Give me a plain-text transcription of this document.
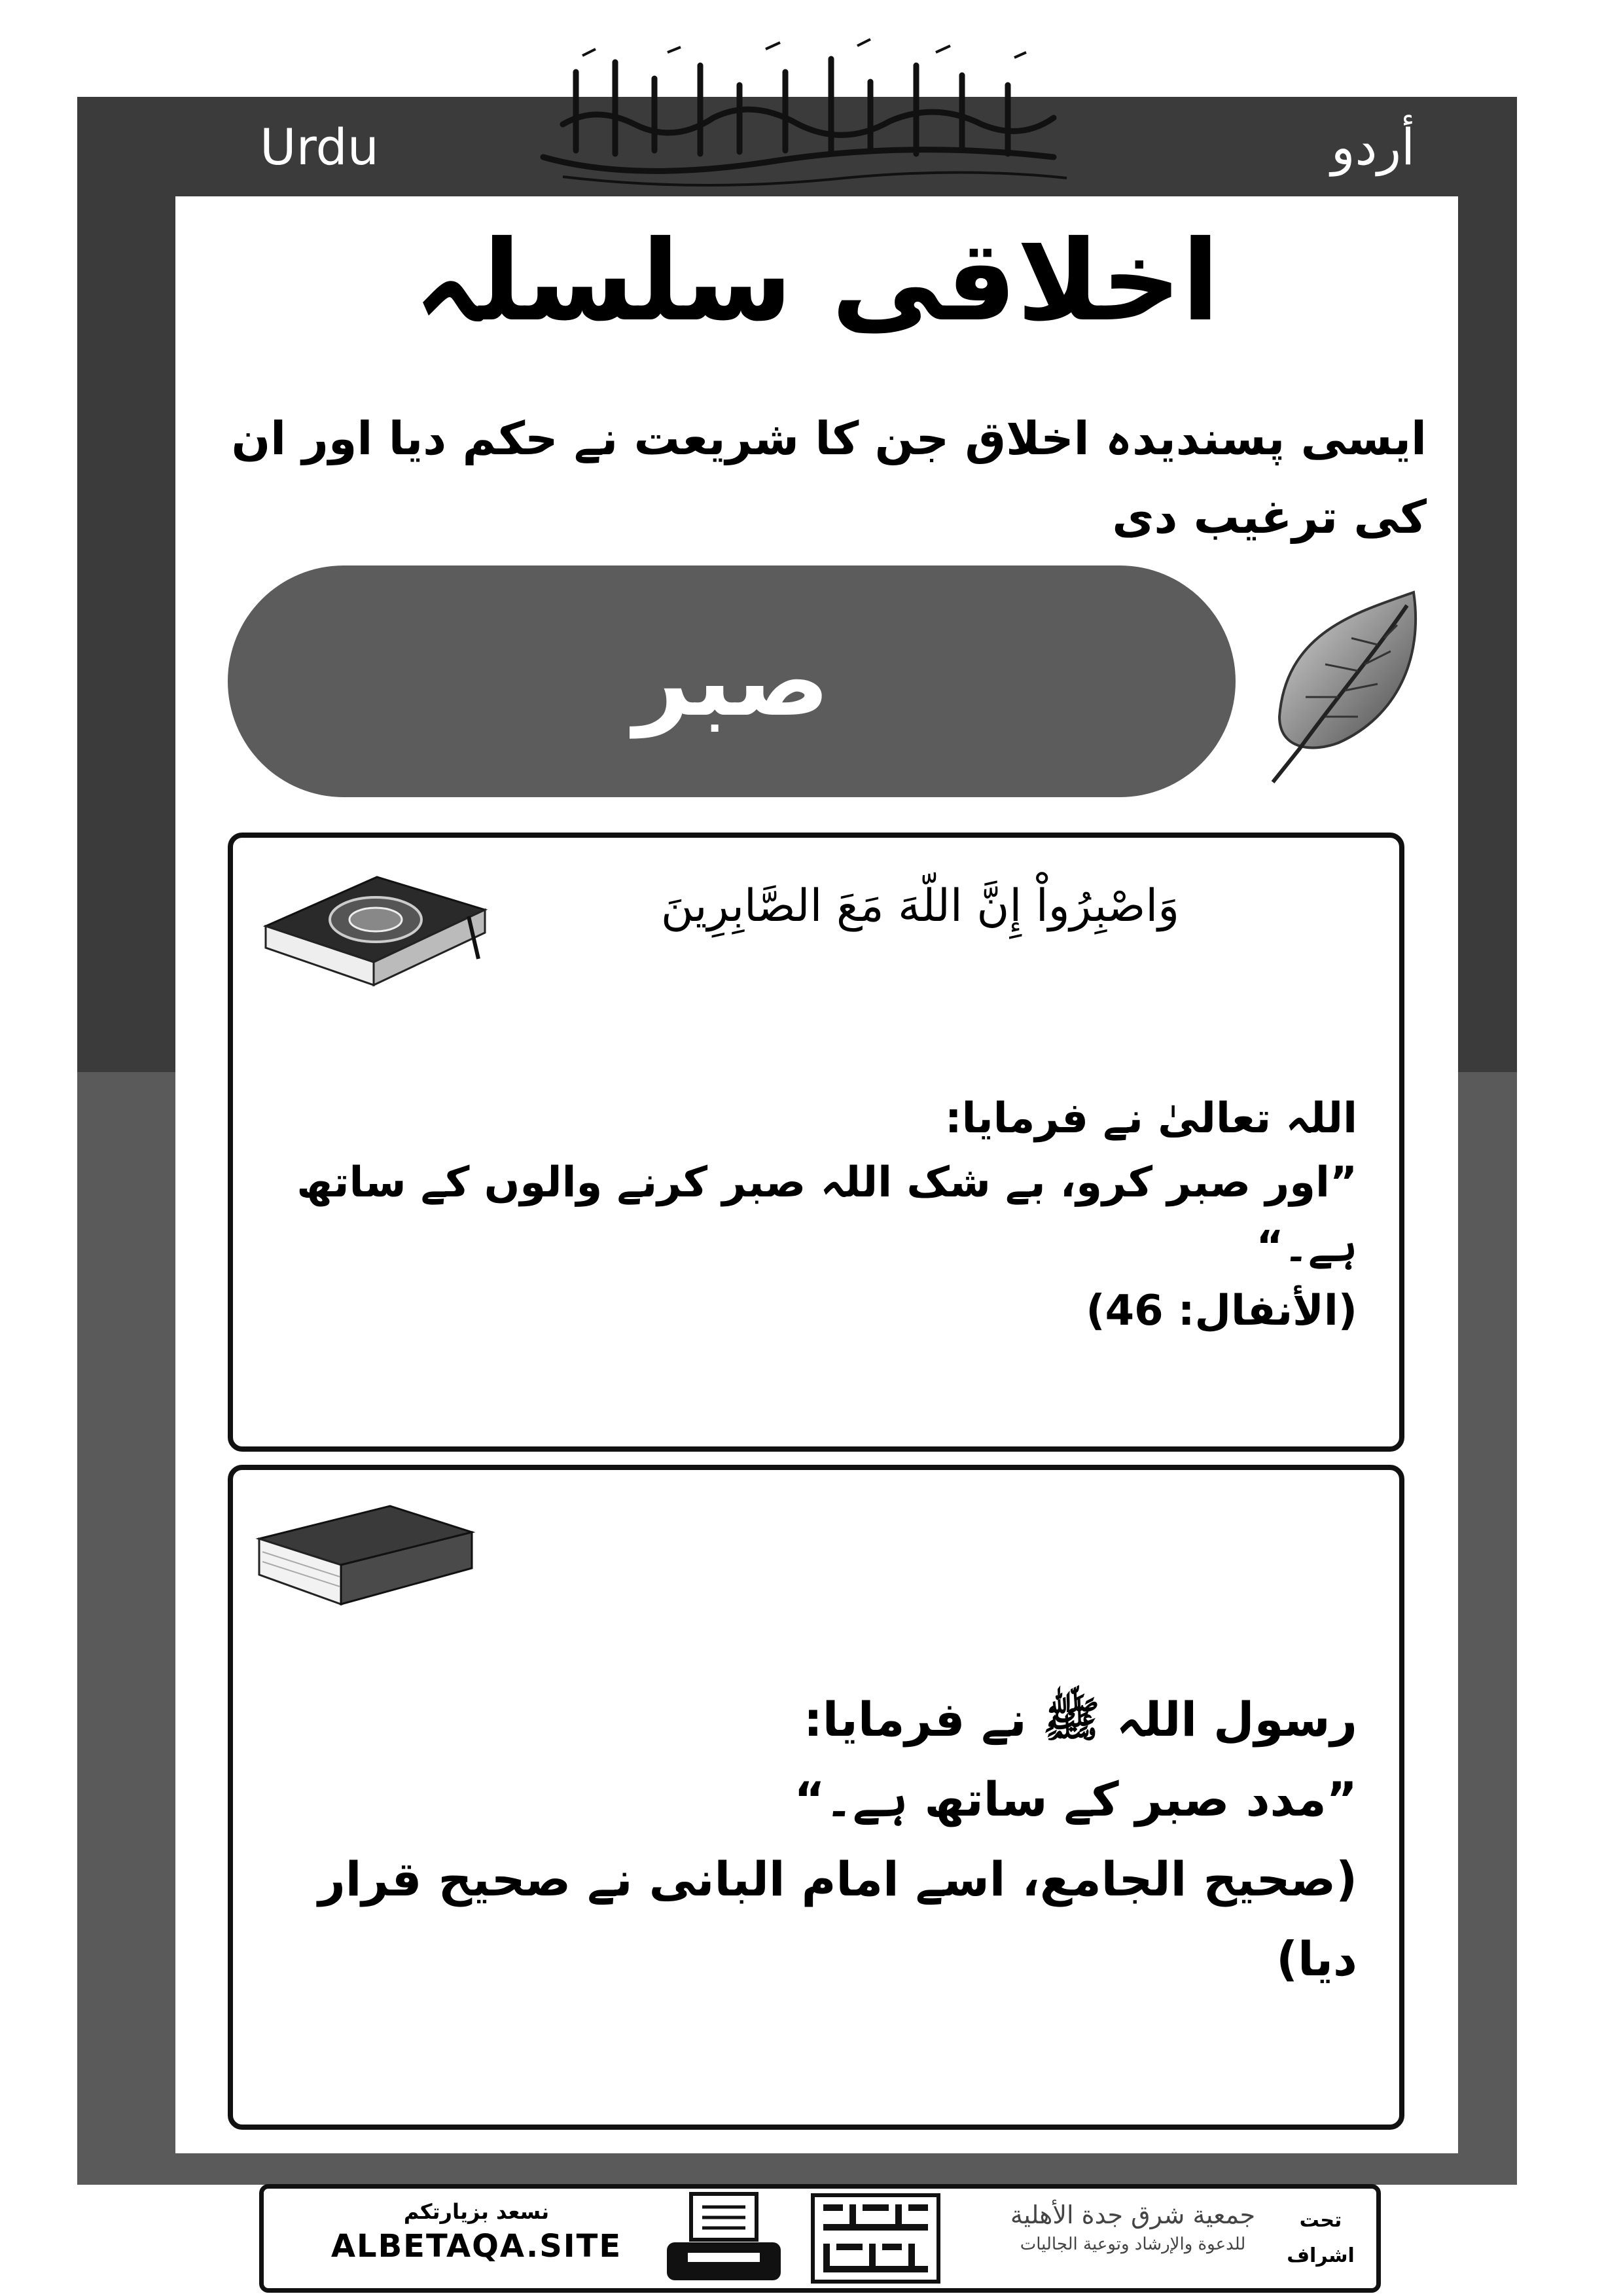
Urdu	أردو
اخلاقی سلسلہ
ایسی پسندیدہ اخلاق جن کا شریعت نے حکم دیا اور ان کی ترغیب دی
صبر
وَاصْبِرُواْ إِنَّ اللّهَ مَعَ الصَّابِرِينَ
اللہ تعالیٰ نے فرمایا:
”اور صبر کرو، بے شک اللہ صبر کرنے والوں کے ساتھ ہے۔“
(الأنفال: 46)
رسول اللہ ﷺ نے فرمایا:
”مدد صبر کے ساتھ ہے۔“
(صحیح الجامع، اسے امام البانی نے صحیح قرار دیا)
نسعد بزيارتكم
ALBETAQA.SITE
جمعية شرق جدة الأهلية
للدعوة والإرشاد وتوعية الجاليات
تحت
اشراف
